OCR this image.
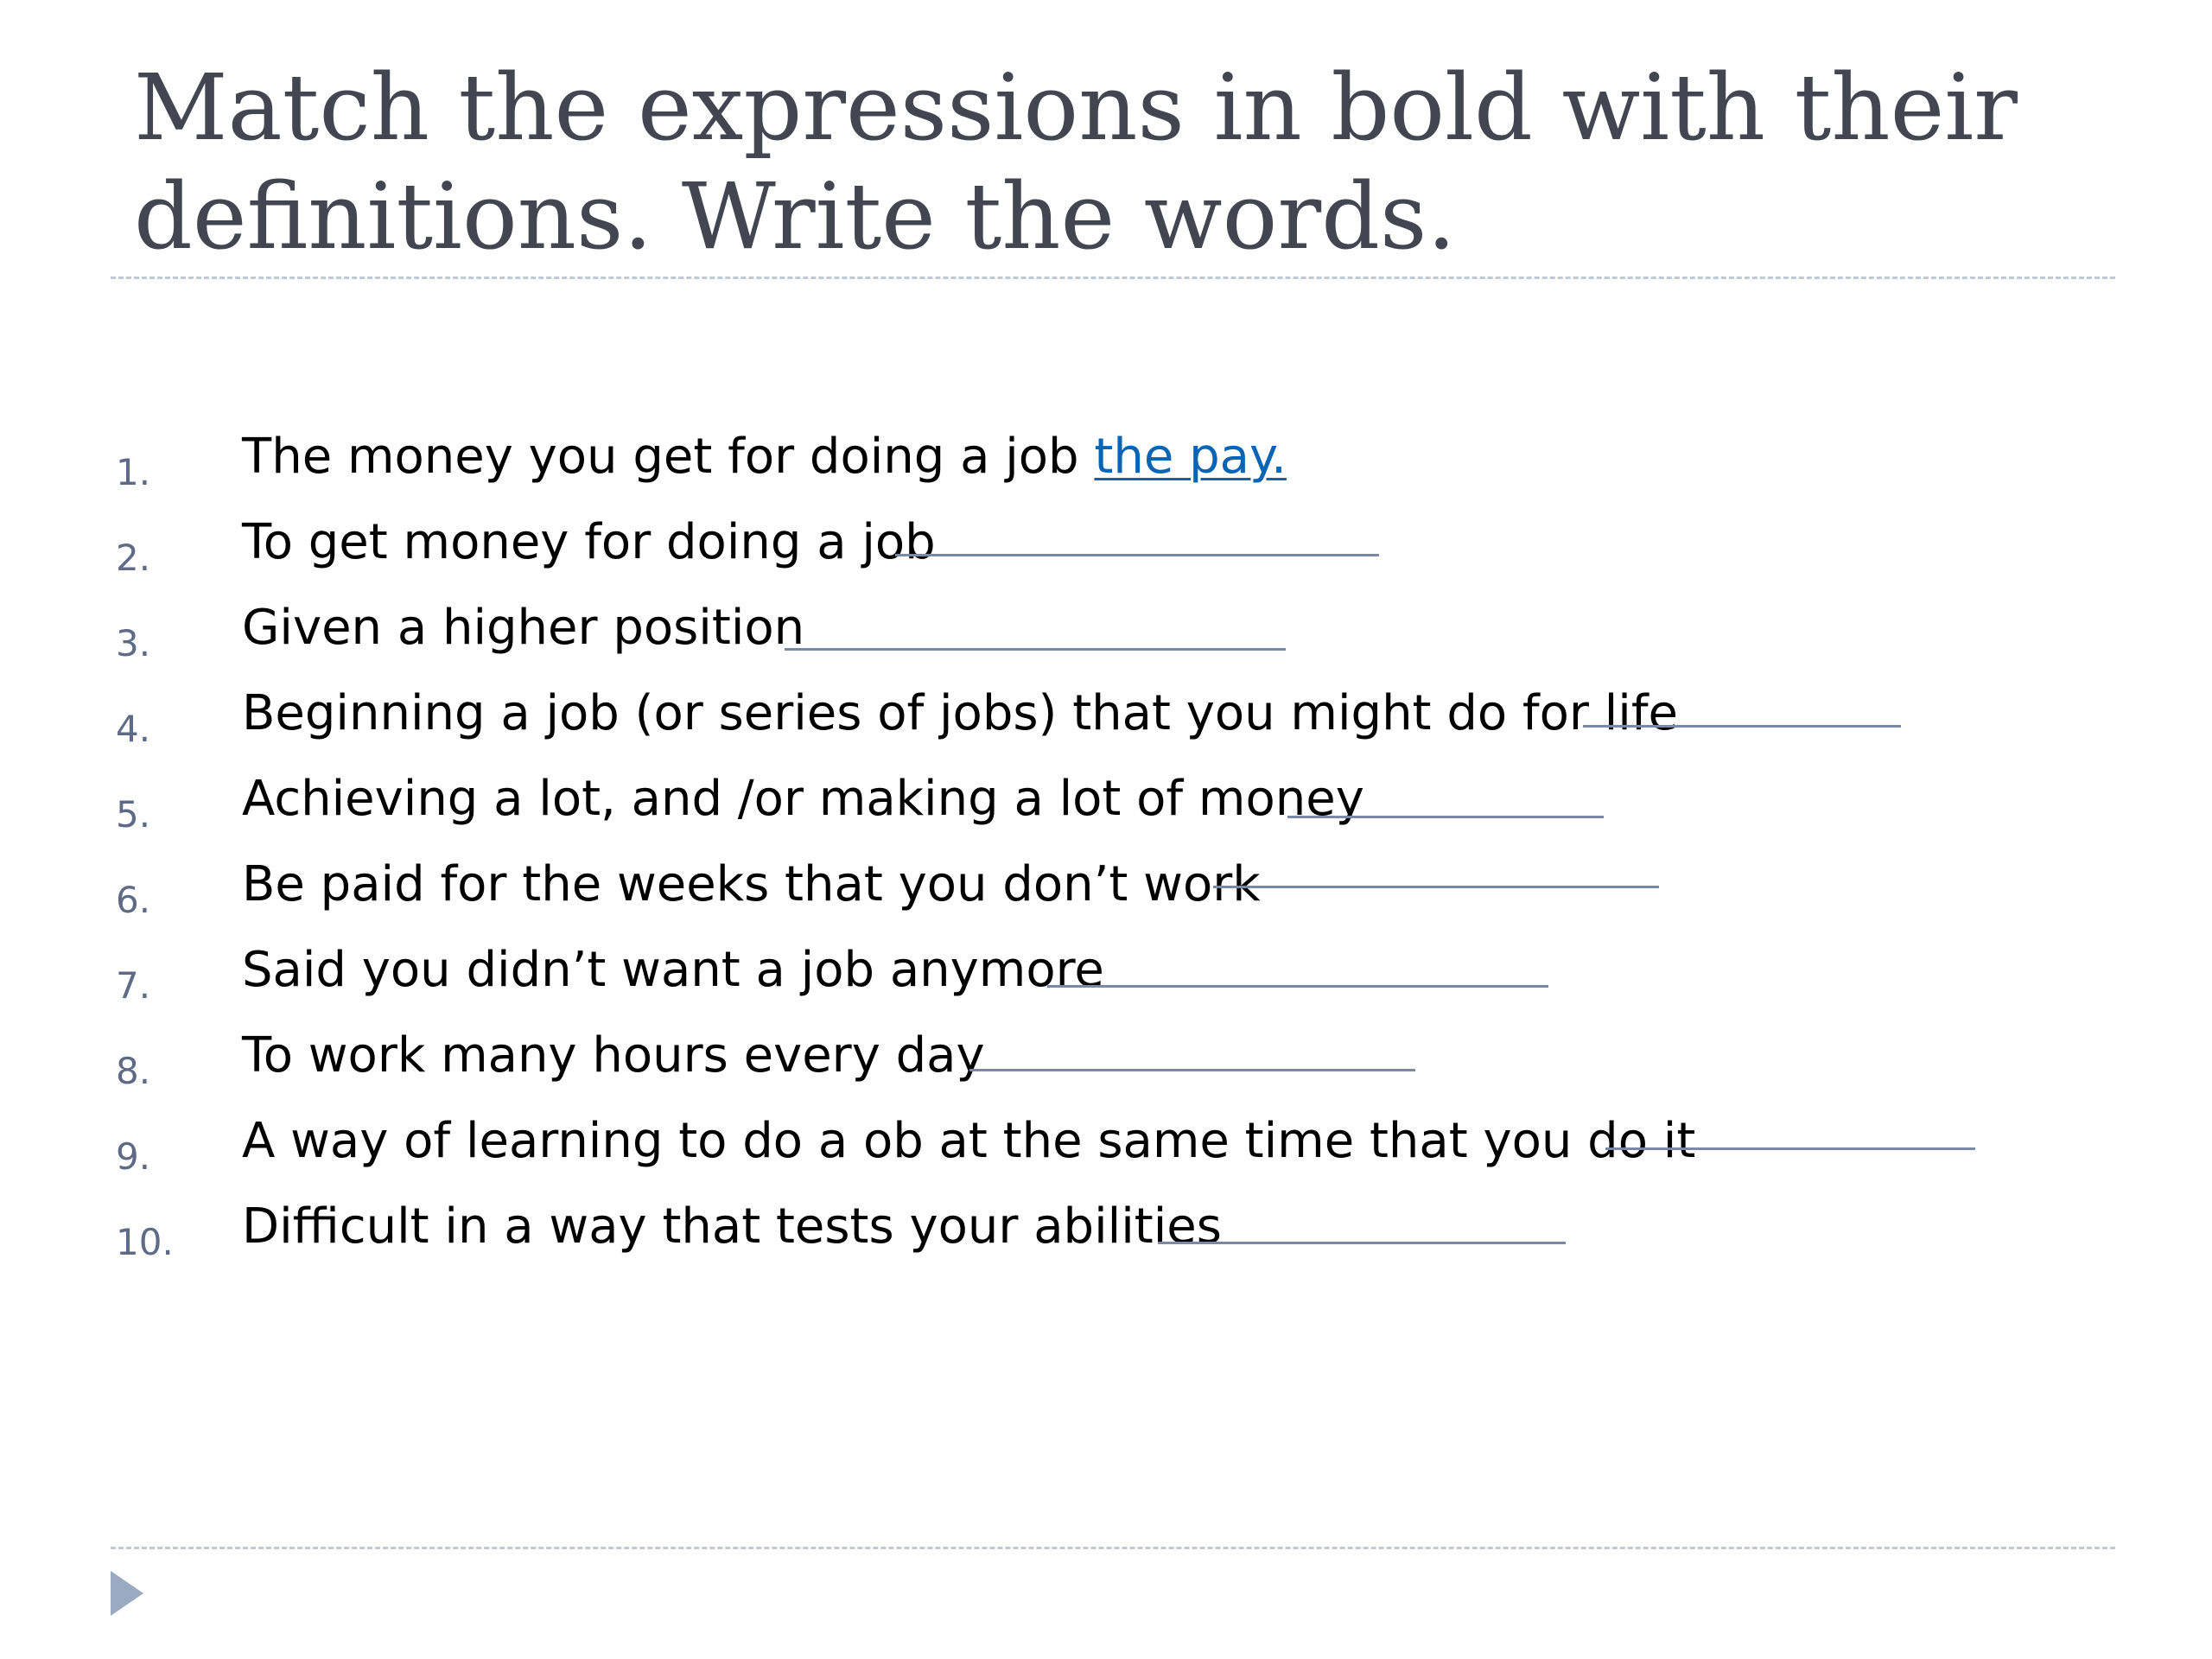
Match the expressions in bold with their definitions. Write the words.
1. The money you get for doing a job the pay.
2. To get money for doing a job
3. Given a higher position
4. Beginning a job (or series of jobs) that you might do for life
5. Achieving a lot, and /or making a lot of money
6. Be paid for the weeks that you don’t work
7. Said you didn’t want a job anymore
8. To work many hours every day
9. A way of learning to do a ob at the same time that you do it
10. Difficult in a way that tests your abilities
